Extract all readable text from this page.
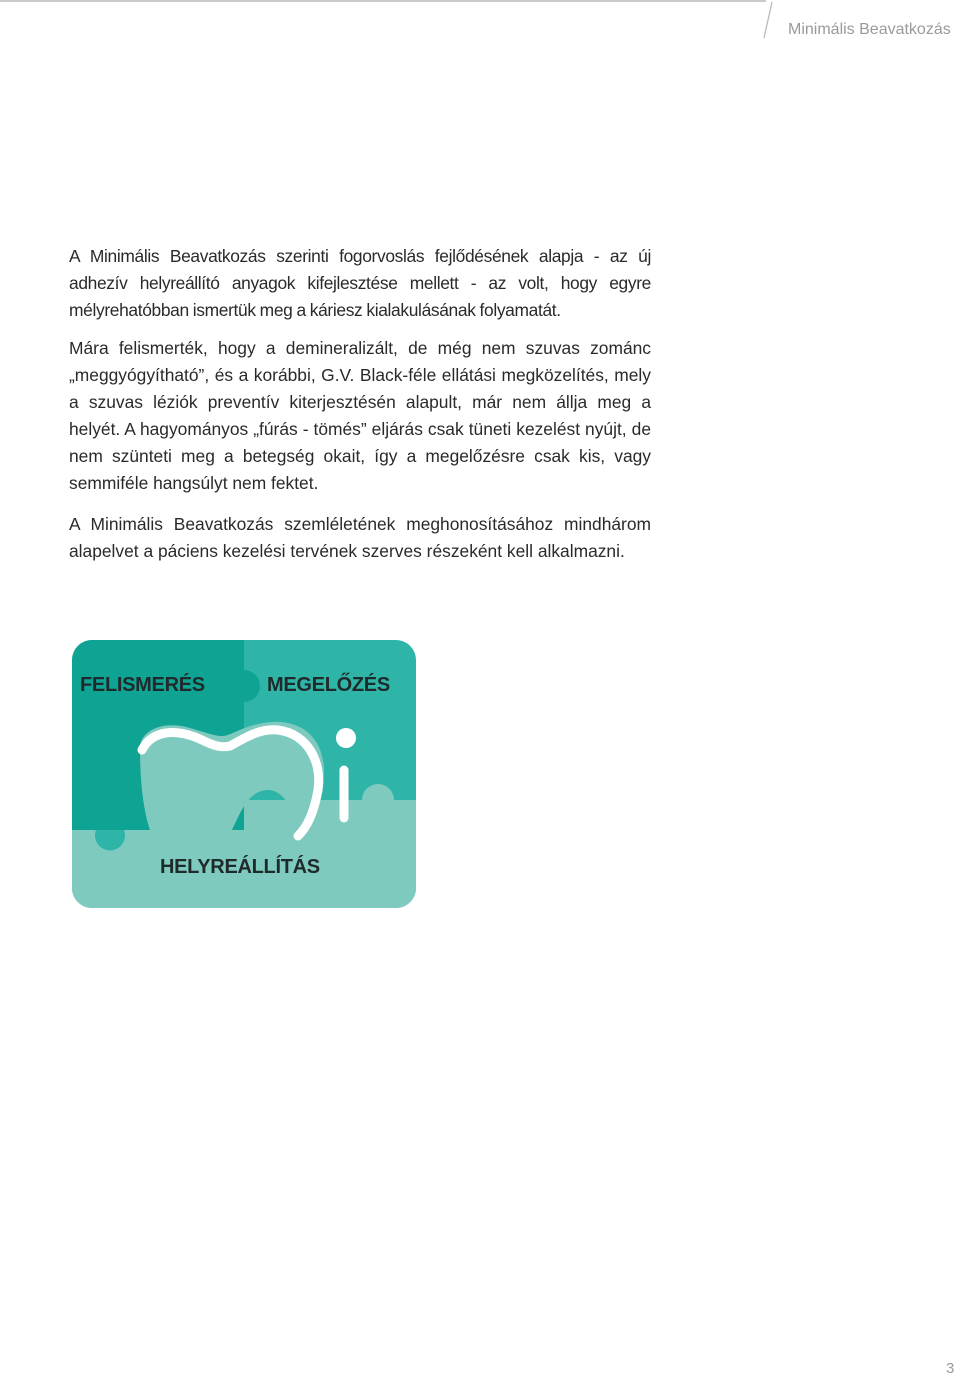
Minimális Beavatkozás

A Minimális Beavatkozás szerinti fogorvoslás fejlődésének alapja - az új adhezív helyreállító anyagok kifejlesztése mellett - az volt, hogy egyre mélyrehatóbban ismertük meg a káriesz kialakulásának folyamatát.

Mára felismerték, hogy a demineralizált, de még nem szuvas zománc „meggyógyítható”, és a korábbi, G.V. Black-féle ellátási megközelítés, mely a szuvas léziók preventív kiterjesztésén alapult, már nem állja meg a helyét. A hagyományos „fúrás - tömés” eljárás csak tüneti kezelést nyújt, de nem szünteti meg a betegség okait, így a megelőzésre csak kis, vagy semmiféle hangsúlyt nem fektet.

A Minimális Beavatkozás szemléletének meghonosításához mindhárom alapelvet a páciens kezelési tervének szerves részeként kell alkalmazni.

FELISMERÉS	MEGELŐZÉS
HELYREÁLLÍTÁS
3
